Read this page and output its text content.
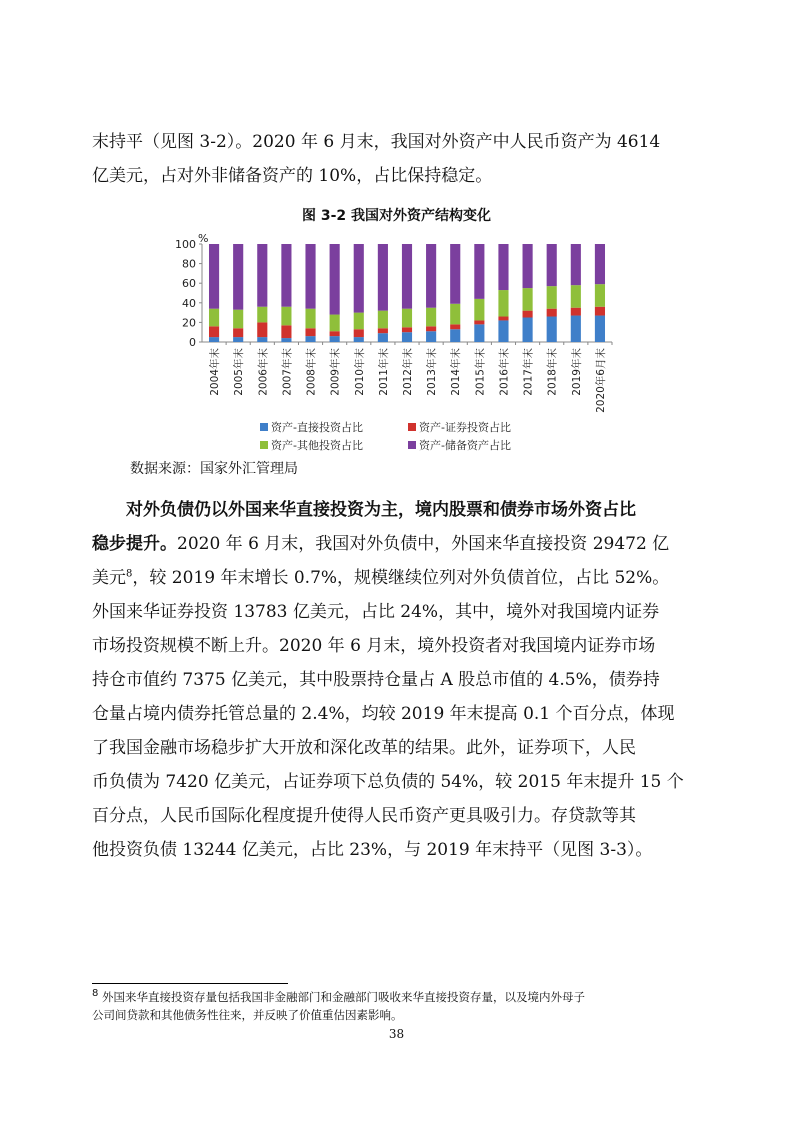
末持平（见图 3-2）。2020 年 6 月末，我国对外资产中人民币资产为 4614
亿美元，占对外非储备资产的 10%，占比保持稳定。
图 3-2 我国对外资产结构变化
0
20
40
60
80
100 %
2004年末 2005年末 2006年末 2007年末 2008年末 2009年末 2010年末 2011年末 2012年末 2013年末 2014年末 2015年末 2016年末 2017年末 2018年末 2019年末 2020年6月末
资产-直接投资占比	资产-证券投资占比
资产-其他投资占比	资产-储备资产占比
数据来源：国家外汇管理局
对外负债仍以外国来华直接投资为主，境内股票和债券市场外资占比
稳步提升。2020 年 6 月末，我国对外负债中，外国来华直接投资 29472 亿
美元$^8$，较 2019 年末增长 0.7%，规模继续位列对外负债首位，占比 52%。
外国来华证券投资 13783 亿美元，占比 24%，其中，境外对我国境内证券
市场投资规模不断上升。2020 年 6 月末，境外投资者对我国境内证券市场
持仓市值约 7375 亿美元，其中股票持仓量占 A 股总市值的 4.5%，债券持
仓量占境内债券托管总量的 2.4%，均较 2019 年末提高 0.1 个百分点，体现
了我国金融市场稳步扩大开放和深化改革的结果。此外，证券项下，人民
币负债为 7420 亿美元，占证券项下总负债的 54%，较 2015 年末提升 15 个
百分点，人民币国际化程度提升使得人民币资产更具吸引力。存贷款等其
他投资负债 13244 亿美元，占比 23%，与 2019 年末持平（见图 3-3）。
$^8$ 外国来华直接投资存量包括我国非金融部门和金融部门吸收来华直接投资存量，以及境内外母子
公司间贷款和其他债务性往来，并反映了价值重估因素影响。
38
